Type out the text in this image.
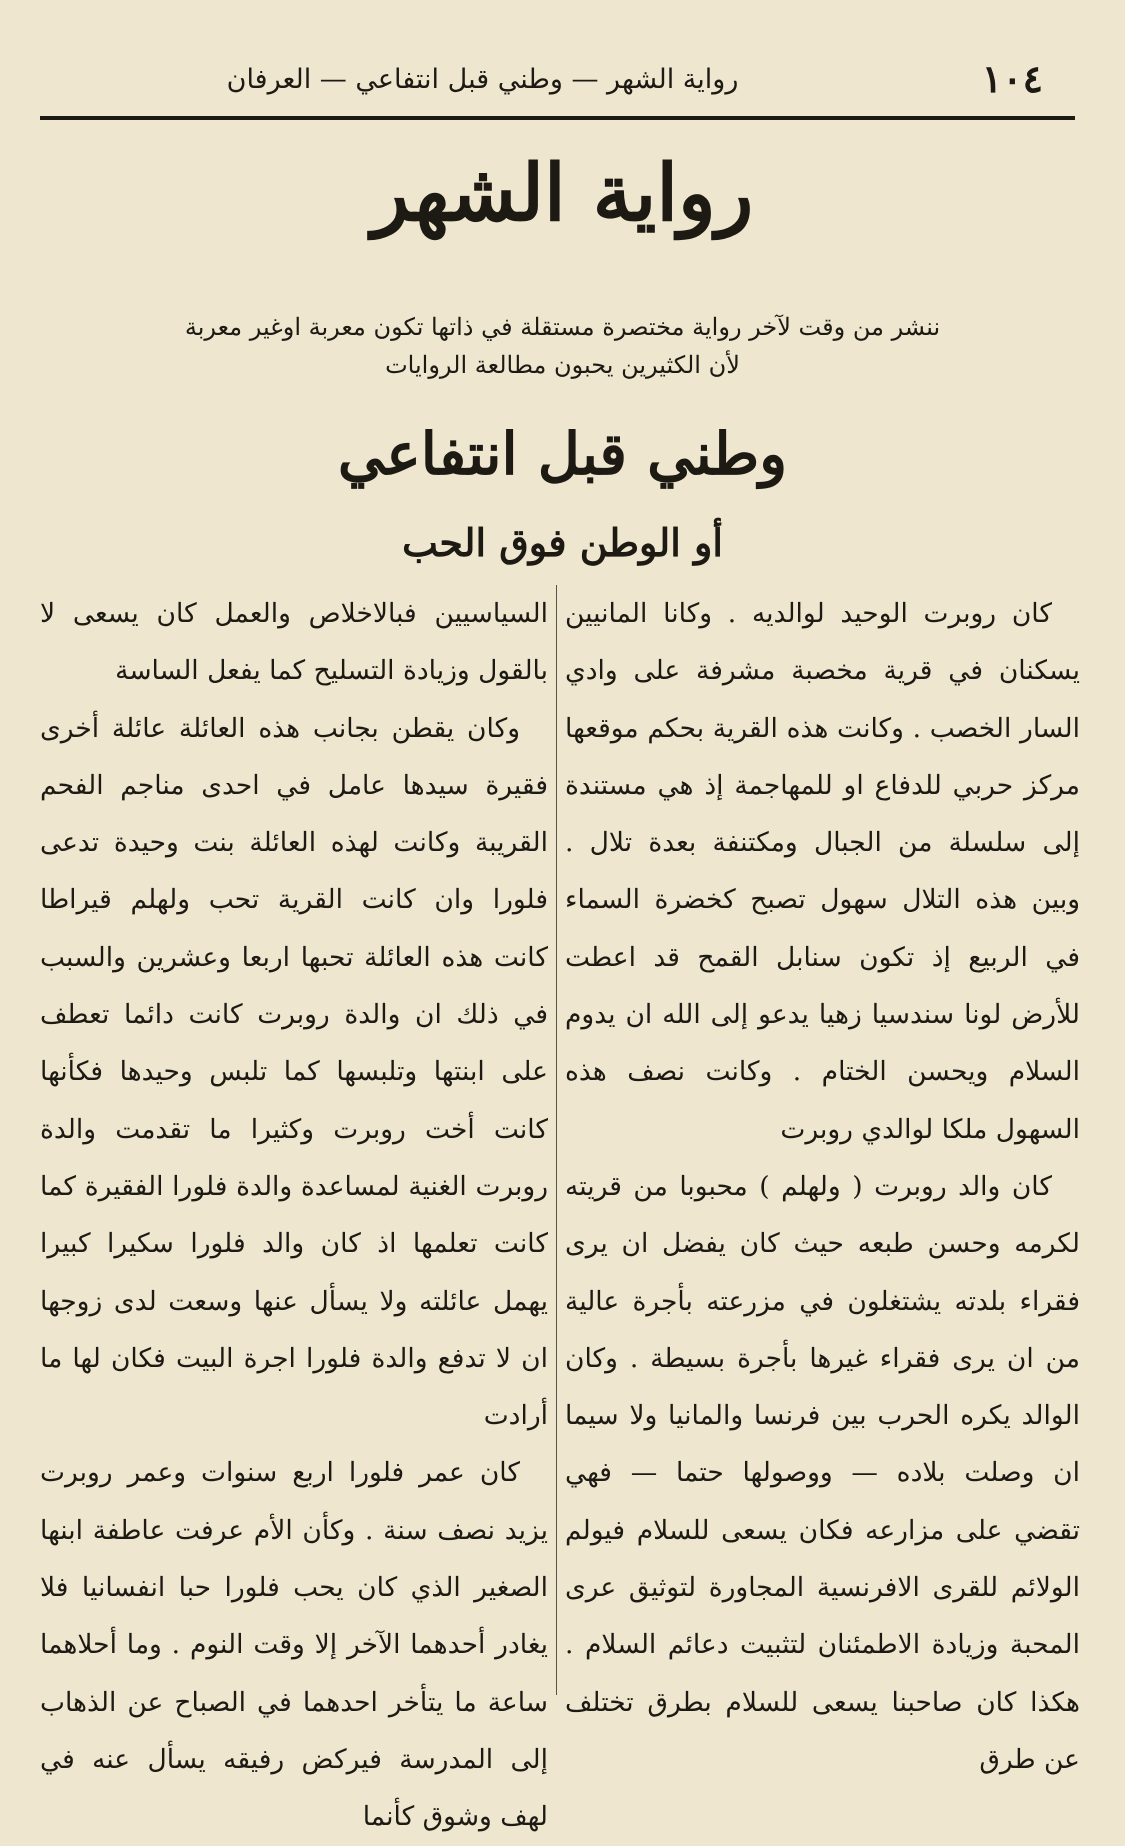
١٠٤
رواية الشهر — وطني قبل انتفاعي — العرفان
رواية الشهر
ننشر من وقت لآخر رواية مختصرة مستقلة في ذاتها تكون معربة اوغير معربة
لأن الكثيرين يحبون مطالعة الروايات
وطني قبل انتفاعي
أو الوطن فوق الحب

كان روبرت الوحيد لوالديه . وكانا المانيين يسكنان في قرية مخصبة مشرفة على وادي السار الخصب . وكانت هذه القرية بحكم موقعها مركز حربي للدفاع او للمهاجمة إذ هي مستندة إلى سلسلة من الجبال ومكتنفة بعدة تلال . وبين هذه التلال سهول تصبح كخضرة السماء في الربيع إذ تكون سنابل القمح قد اعطت للأرض لونا سندسيا زهيا يدعو إلى الله ان يدوم السلام ويحسن الختام . وكانت نصف هذه السهول ملكا لوالدي روبرت

كان والد روبرت ( ولهلم ) محبوبا من قريته لكرمه وحسن طبعه حيث كان يفضل ان يرى فقراء بلدته يشتغلون في مزرعته بأجرة عالية من ان يرى فقراء غيرها بأجرة بسيطة . وكان الوالد يكره الحرب بين فرنسا والمانيا ولا سيما ان وصلت بلاده — ووصولها حتما — فهي تقضي على مزارعه فكان يسعى للسلام فيولم الولائم للقرى الافرنسية المجاورة لتوثيق عرى المحبة وزيادة الاطمئنان لتثبيت دعائم السلام . هكذا كان صاحبنا يسعى للسلام بطرق تختلف عن طرق

السياسيين فبالاخلاص والعمل كان يسعى لا بالقول وزيادة التسليح كما يفعل الساسة

وكان يقطن بجانب هذه العائلة عائلة أخرى فقيرة سيدها عامل في احدى مناجم الفحم القريبة وكانت لهذه العائلة بنت وحيدة تدعى فلورا وان كانت القرية تحب ولهلم قيراطا كانت هذه العائلة تحبها اربعا وعشرين والسبب في ذلك ان والدة روبرت كانت دائما تعطف على ابنتها وتلبسها كما تلبس وحيدها فكأنها كانت أخت روبرت وكثيرا ما تقدمت والدة روبرت الغنية لمساعدة والدة فلورا الفقيرة كما كانت تعلمها اذ كان والد فلورا سكيرا كبيرا يهمل عائلته ولا يسأل عنها وسعت لدى زوجها ان لا تدفع والدة فلورا اجرة البيت فكان لها ما أرادت

كان عمر فلورا اربع سنوات وعمر روبرت يزيد نصف سنة . وكأن الأم عرفت عاطفة ابنها الصغير الذي كان يحب فلورا حبا انفسانيا فلا يغادر أحدهما الآخر إلا وقت النوم . وما أحلاهما ساعة ما يتأخر احدهما في الصباح عن الذهاب إلى المدرسة فيركض رفيقه يسأل عنه في لهف وشوق كأنما
